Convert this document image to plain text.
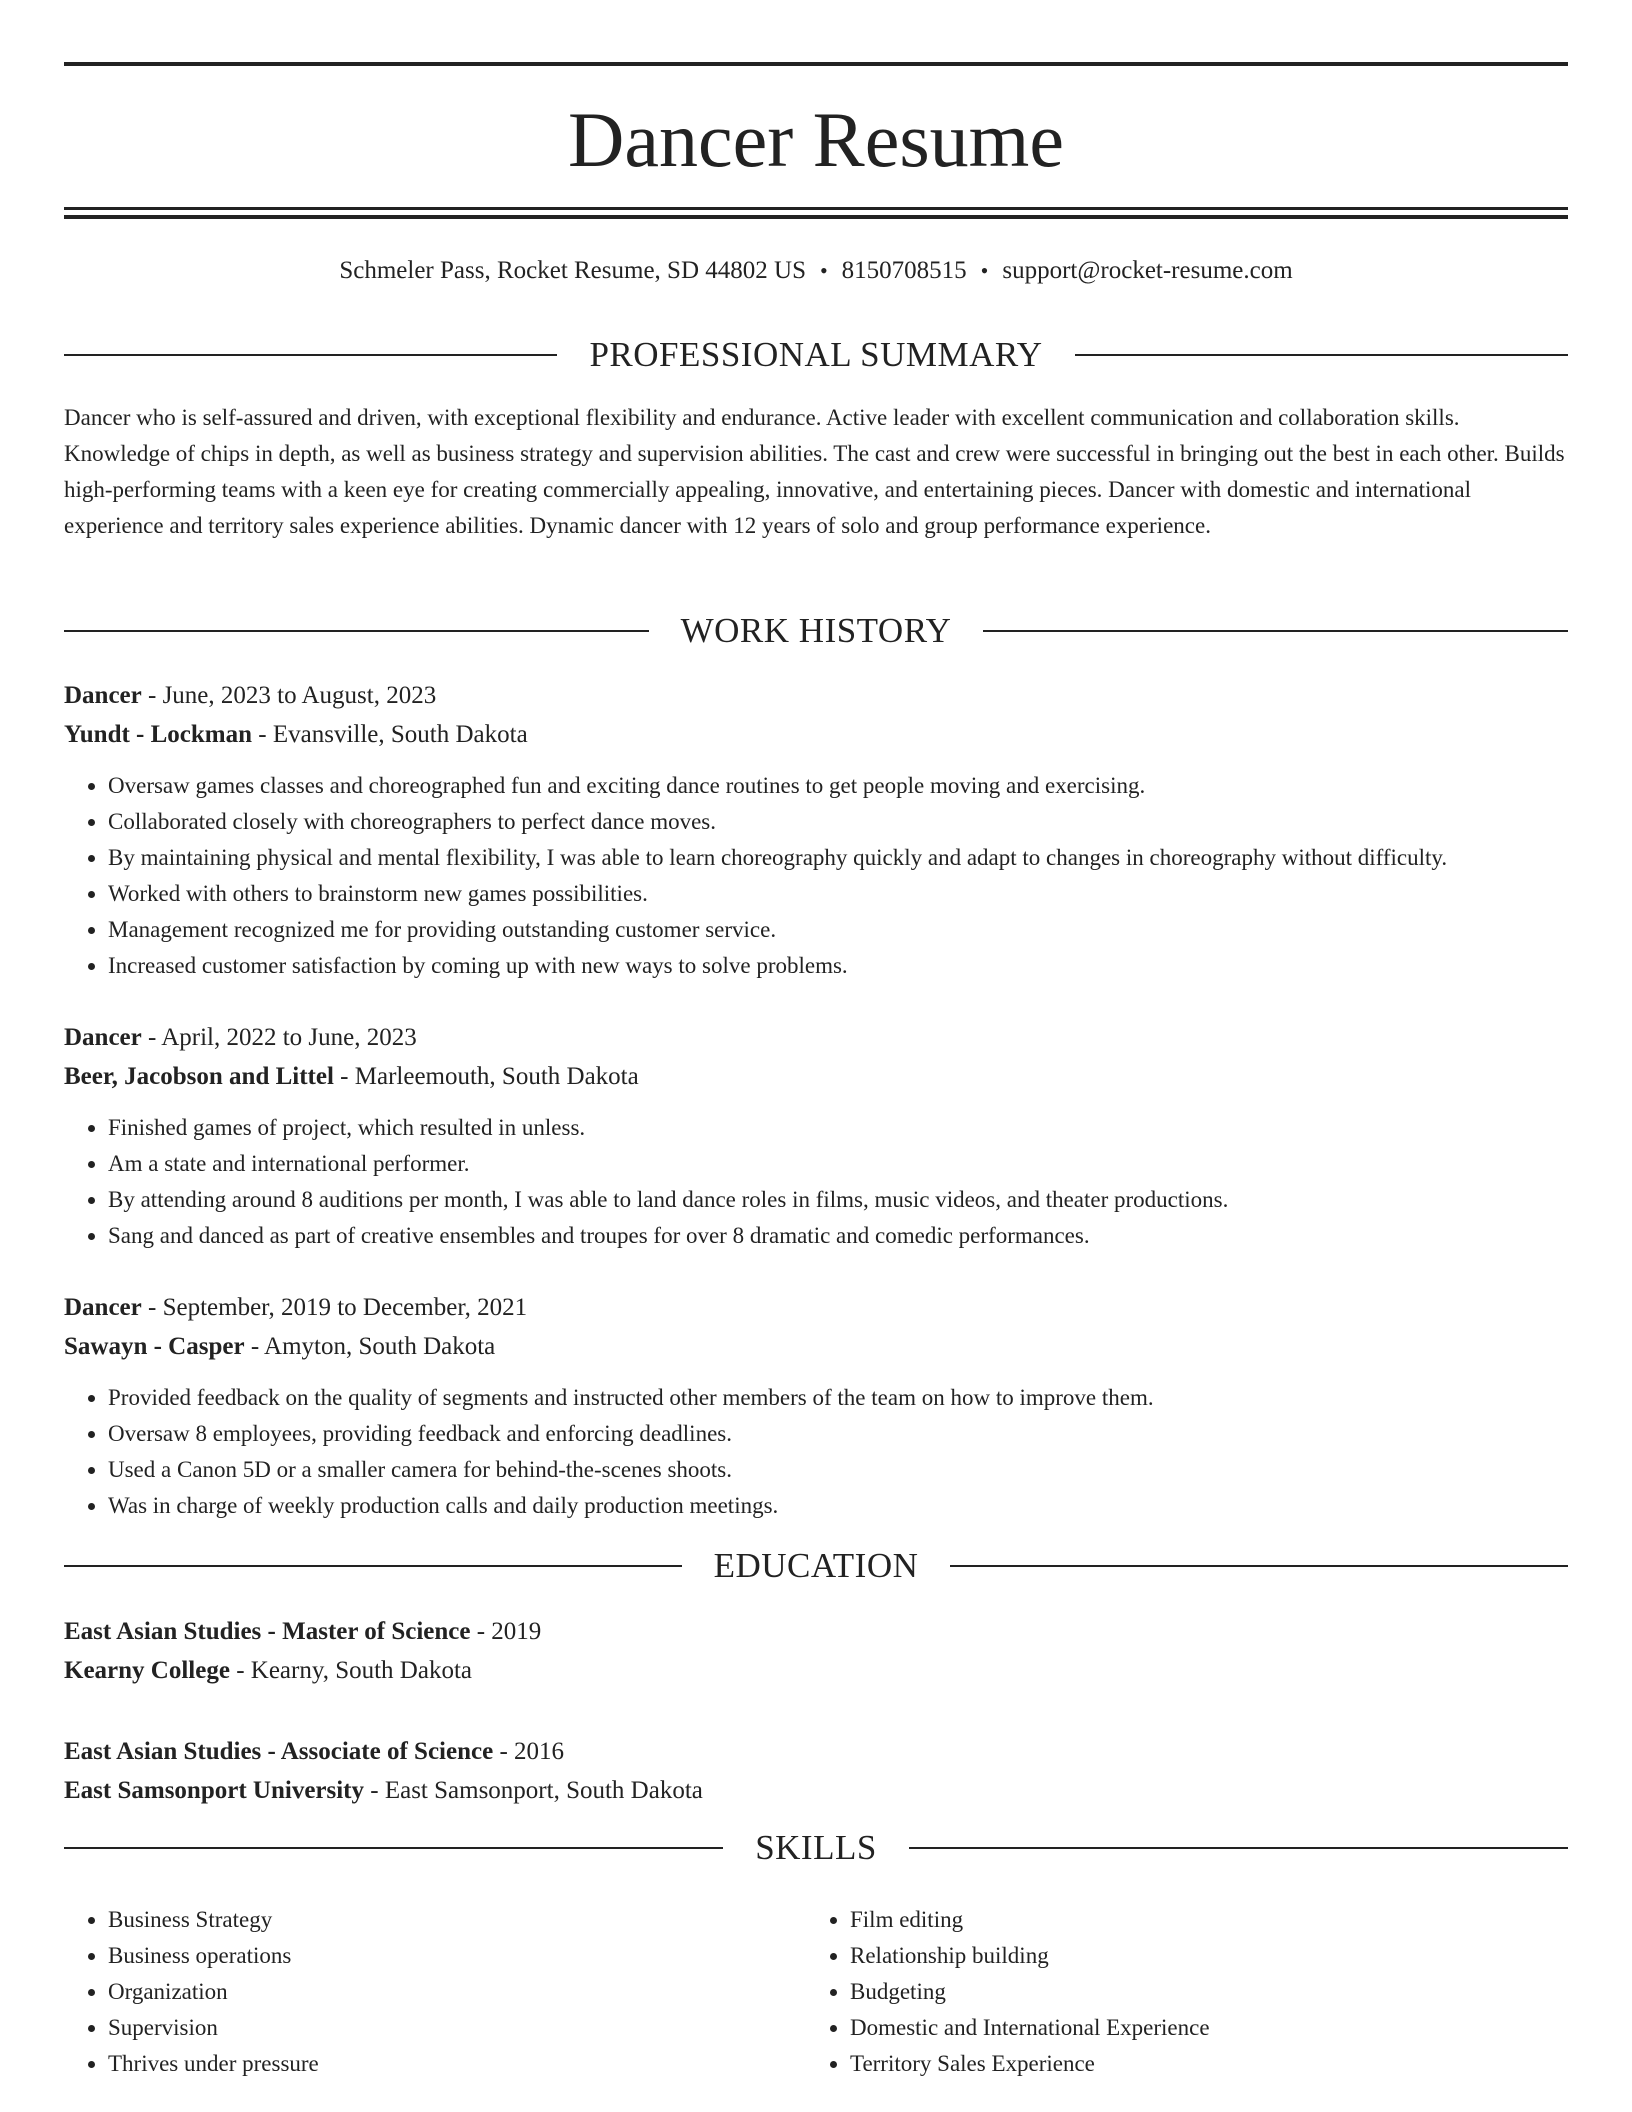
Dancer Resume
Schmeler Pass, Rocket Resume, SD 44802 US • 8150708515 • support@rocket-resume.com
PROFESSIONAL SUMMARY

Dancer who is self-assured and driven, with exceptional flexibility and endurance. Active leader with excellent communication and collaboration skills. Knowledge of chips in depth, as well as business strategy and supervision abilities. The cast and crew were successful in bringing out the best in each other. Builds high-performing teams with a keen eye for creating commercially appealing, innovative, and entertaining pieces. Dancer with domestic and international experience and territory sales experience abilities. Dynamic dancer with 12 years of solo and group performance experience.

WORK HISTORY
Dancer - June, 2023 to August, 2023
Yundt - Lockman - Evansville, South Dakota
• Oversaw games classes and choreographed fun and exciting dance routines to get people moving and exercising.
• Collaborated closely with choreographers to perfect dance moves.
• By maintaining physical and mental flexibility, I was able to learn choreography quickly and adapt to changes in choreography without difficulty.
• Worked with others to brainstorm new games possibilities.
• Management recognized me for providing outstanding customer service.
• Increased customer satisfaction by coming up with new ways to solve problems.
Dancer - April, 2022 to June, 2023
Beer, Jacobson and Littel - Marleemouth, South Dakota
• Finished games of project, which resulted in unless.
• Am a state and international performer.
• By attending around 8 auditions per month, I was able to land dance roles in films, music videos, and theater productions.
• Sang and danced as part of creative ensembles and troupes for over 8 dramatic and comedic performances.
Dancer - September, 2019 to December, 2021
Sawayn - Casper - Amyton, South Dakota
• Provided feedback on the quality of segments and instructed other members of the team on how to improve them.
• Oversaw 8 employees, providing feedback and enforcing deadlines.
• Used a Canon 5D or a smaller camera for behind-the-scenes shoots.
• Was in charge of weekly production calls and daily production meetings.
EDUCATION
East Asian Studies - Master of Science - 2019
Kearny College - Kearny, South Dakota
East Asian Studies - Associate of Science - 2016
East Samsonport University - East Samsonport, South Dakota
SKILLS
• Business Strategy
• Business operations
• Organization
• Supervision
• Thrives under pressure
• Film editing
• Relationship building
• Budgeting
• Domestic and International Experience
• Territory Sales Experience
